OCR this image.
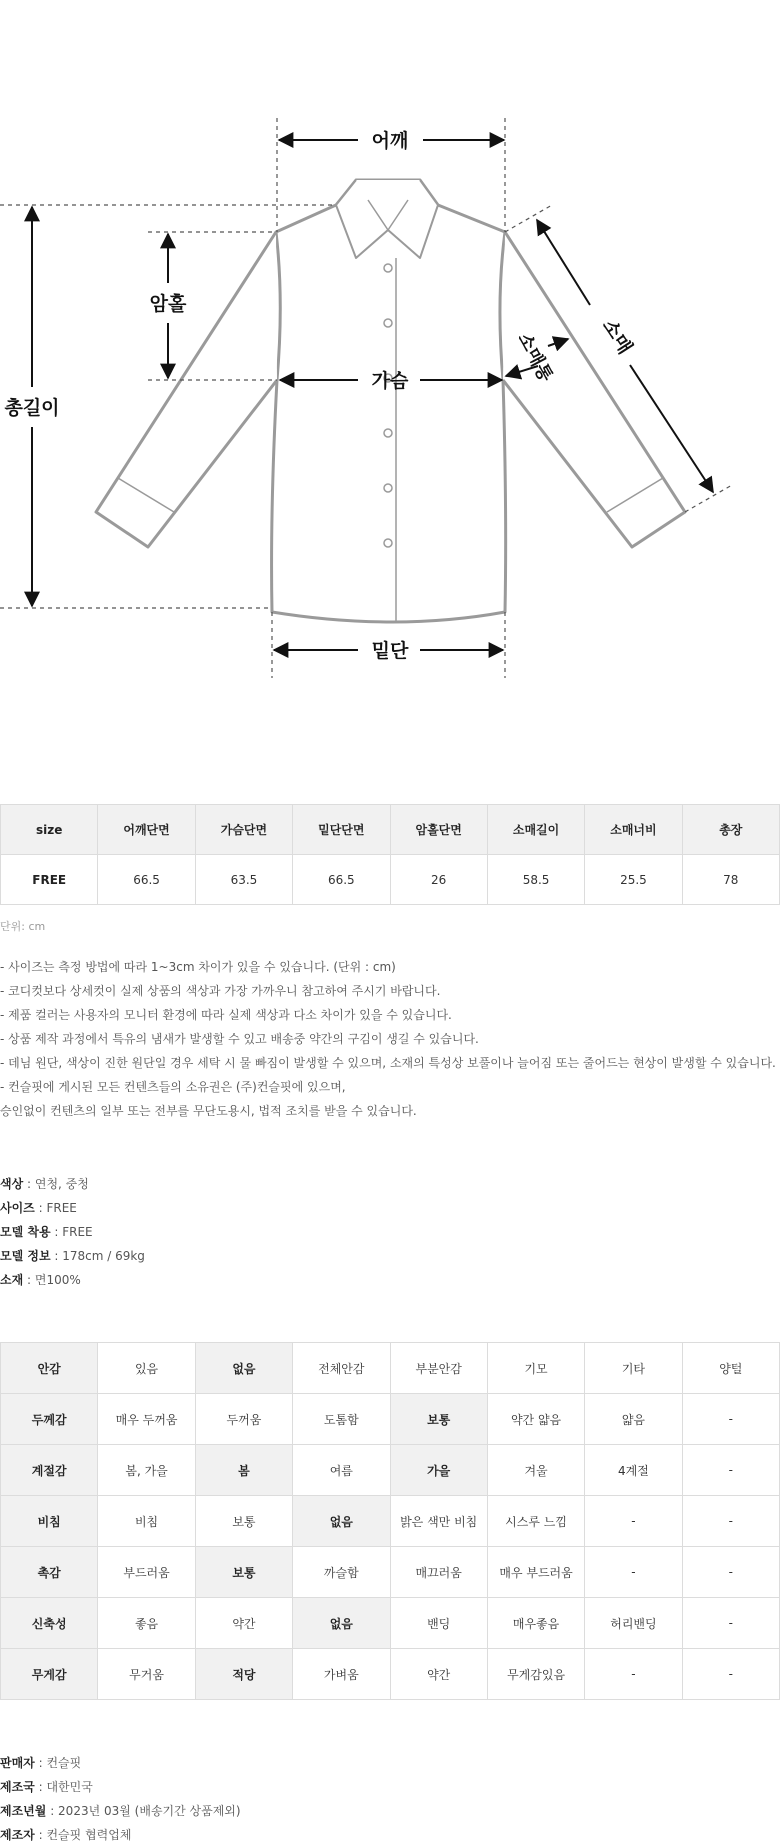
어깨
암홀
총길이
가슴
밑단
소매
소매통
size	어깨단면	가슴단면	밑단단면	암홀단면	소매길이	소매너비	총장
FREE	66.5	63.5	66.5	26	58.5	25.5	78
단위: cm
- 사이즈는 측정 방법에 따라 1~3cm 차이가 있을 수 있습니다. (단위 : cm)
- 코디컷보다 상세컷이 실제 상품의 색상과 가장 가까우니 참고하여 주시기 바랍니다.
- 제품 컬러는 사용자의 모니터 환경에 따라 실제 색상과 다소 차이가 있을 수 있습니다.
- 상품 제작 과정에서 특유의 냄새가 발생할 수 있고 배송중 약간의 구김이 생길 수 있습니다.
- 데님 원단, 색상이 진한 원단일 경우 세탁 시 물 빠짐이 발생할 수 있으며, 소재의 특성상 보풀이나 늘어짐 또는 줄어드는 현상이 발생할 수 있습니다.
- 컨슬핏에 게시된 모든 컨텐츠들의 소유권은 (주)컨슬핏에 있으며,
승인없이 컨텐츠의 일부 또는 전부를 무단도용시, 법적 조치를 받을 수 있습니다.
색상 : 연청, 중청
사이즈 : FREE
모델 착용 : FREE
모델 정보 : 178cm / 69kg
소재 : 면100%
안감	있음	없음	전체안감	부분안감	기모	기타	양털
두께감	매우 두꺼움	두꺼움	도톰함	보통	약간 얇음	얇음	-
계절감	봄, 가을	봄	여름	가을	겨울	4계절	-
비침	비침	보통	없음	밝은 색만 비침	시스루 느낌	-	-
촉감	부드러움	보통	까슬함	매끄러움	매우 부드러움	-	-
신축성	좋음	약간	없음	밴딩	매우좋음	허리밴딩	-
무게감	무거움	적당	가벼움	약간	무게감있음	-	-
판매자 : 컨슬핏
제조국 : 대한민국
제조년월 : 2023년 03월 (배송기간 상품제외)
제조자 : 컨슬핏 협력업체
